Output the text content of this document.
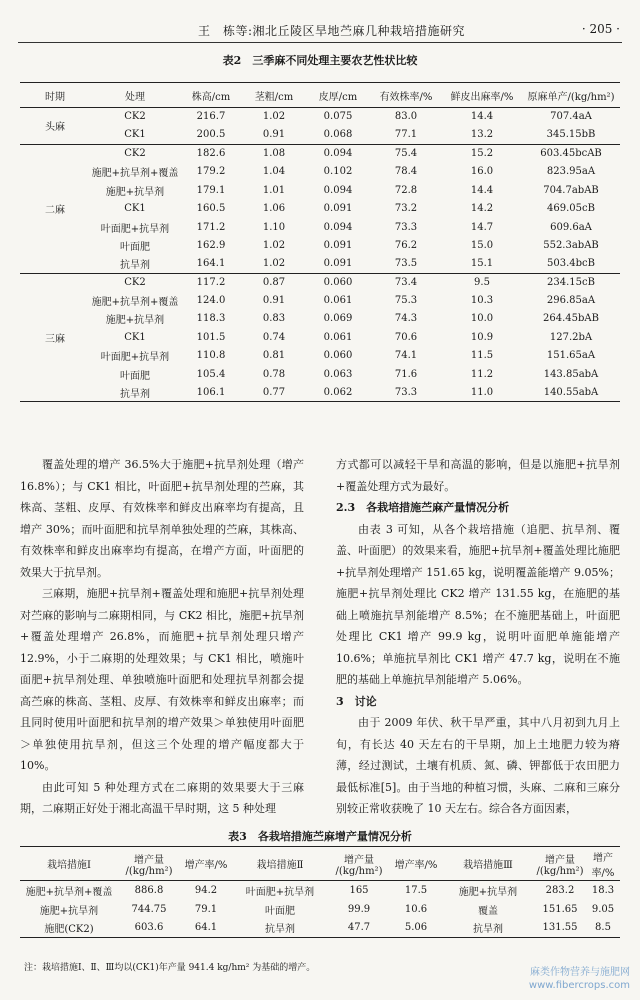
王　栋等:湘北丘陵区旱地苎麻几种栽培措施研究	· 205 ·
表2　三季麻不同处理主要农艺性状比较
时期	处理	株高/cm	茎粗/cm	皮厚/cm	有效株率/%	鲜皮出麻率/%	原麻单产/(kg/hm²)
头麻	CK2	216.7	1.02	0.075	83.0	14.4	707.4aA
	CK1	200.5	0.91	0.068	77.1	13.2	345.15bB
二麻	CK2	182.6	1.08	0.094	75.4	15.2	603.45bcAB
	施肥+抗旱剂+覆盖	179.2	1.04	0.102	78.4	16.0	823.95aA
	施肥+抗旱剂	179.1	1.01	0.094	72.8	14.4	704.7abAB
	CK1	160.5	1.06	0.091	73.2	14.2	469.05cB
	叶面肥+抗旱剂	171.2	1.10	0.094	73.3	14.7	609.6aA
	叶面肥	162.9	1.02	0.091	76.2	15.0	552.3abAB
	抗旱剂	164.1	1.02	0.091	73.5	15.1	503.4bcB
三麻	CK2	117.2	0.87	0.060	73.4	9.5	234.15cB
	施肥+抗旱剂+覆盖	124.0	0.91	0.061	75.3	10.3	296.85aA
	施肥+抗旱剂	118.3	0.83	0.069	74.3	10.0	264.45bAB
	CK1	101.5	0.74	0.061	70.6	10.9	127.2bA
	叶面肥+抗旱剂	110.8	0.81	0.060	74.1	11.5	151.65aA
	叶面肥	105.4	0.78	0.063	71.6	11.2	143.85abA
	抗旱剂	106.1	0.77	0.062	73.3	11.0	140.55abA

覆盖处理的增产 36.5%大于施肥+抗旱剂处理（增产 16.8%）；与 CK1 相比，叶面肥+抗旱剂处理的苎麻，其株高、茎粗、皮厚、有效株率和鲜皮出麻率均有提高，且增产 30%；而叶面肥和抗旱剂单独处理的苎麻，其株高、有效株率和鲜皮出麻率均有提高，在增产方面，叶面肥的效果大于抗旱剂。

三麻期，施肥+抗旱剂+覆盖处理和施肥+抗旱剂处理对苎麻的影响与二麻期相同，与 CK2 相比，施肥+抗旱剂+覆盖处理增产 26.8%，而施肥+抗旱剂处理只增产 12.9%，小于二麻期的处理效果；与 CK1 相比，喷施叶面肥+抗旱剂处理、单独喷施叶面肥和处理抗旱剂都会提高苎麻的株高、茎粗、皮厚、有效株率和鲜皮出麻率；而且同时使用叶面肥和抗旱剂的增产效果＞单独使用叶面肥＞单独使用抗旱剂，但这三个处理的增产幅度都大于 10%。

由此可知 5 种处理方式在二麻期的效果要大于三麻期，二麻期正好处于湘北高温干旱时期，这 5 种处理

方式都可以减轻干旱和高温的影响，但是以施肥+抗旱剂+覆盖处理方式为最好。

2.3　各栽培措施苎麻产量情况分析

由表 3 可知，从各个栽培措施（追肥、抗旱剂、覆盖、叶面肥）的效果来看，施肥+抗旱剂+覆盖处理比施肥+抗旱剂处理增产 151.65 kg，说明覆盖能增产 9.05%；施肥+抗旱剂处理比 CK2 增产 131.55 kg，在施肥的基础上喷施抗旱剂能增产 8.5%；在不施肥基础上，叶面肥处理比 CK1 增产 99.9 kg，说明叶面肥单施能增产 10.6%；单施抗旱剂比 CK1 增产 47.7 kg，说明在不施肥的基础上单施抗旱剂能增产 5.06%。

3　讨论

由于 2009 年伏、秋干旱严重，其中八月初到九月上旬，有长达 40 天左右的干旱期，加上土地肥力较为瘠薄，经过测试，土壤有机质、氮、磷、钾都低于农田肥力最低标准[5]。由于当地的种植习惯，头麻、二麻和三麻分别较正常收获晚了 10 天左右。综合各方面因素，

表3　各栽培措施苎麻增产量情况分析
栽培措施Ⅰ	增产量
/(kg/hm²)	增产率/%	栽培措施Ⅱ	增产量
/(kg/hm²)	增产率/%	栽培措施Ⅲ	增产量
/(kg/hm²)	增产
率/%
施肥+抗旱剂+覆盖	886.8	94.2	叶面肥+抗旱剂	165	17.5	施肥+抗旱剂	283.2	18.3
施肥+抗旱剂	744.75	79.1	叶面肥	99.9	10.6	覆盖	151.65	9.05
施肥(CK2)	603.6	64.1	抗旱剂	47.7	5.06	抗旱剂	131.55	8.5
注：栽培措施Ⅰ、Ⅱ、Ⅲ均以(CK1)年产量 941.4 kg/hm² 为基础的增产。	麻类作物营养与施肥网
www.fibercrops.com
